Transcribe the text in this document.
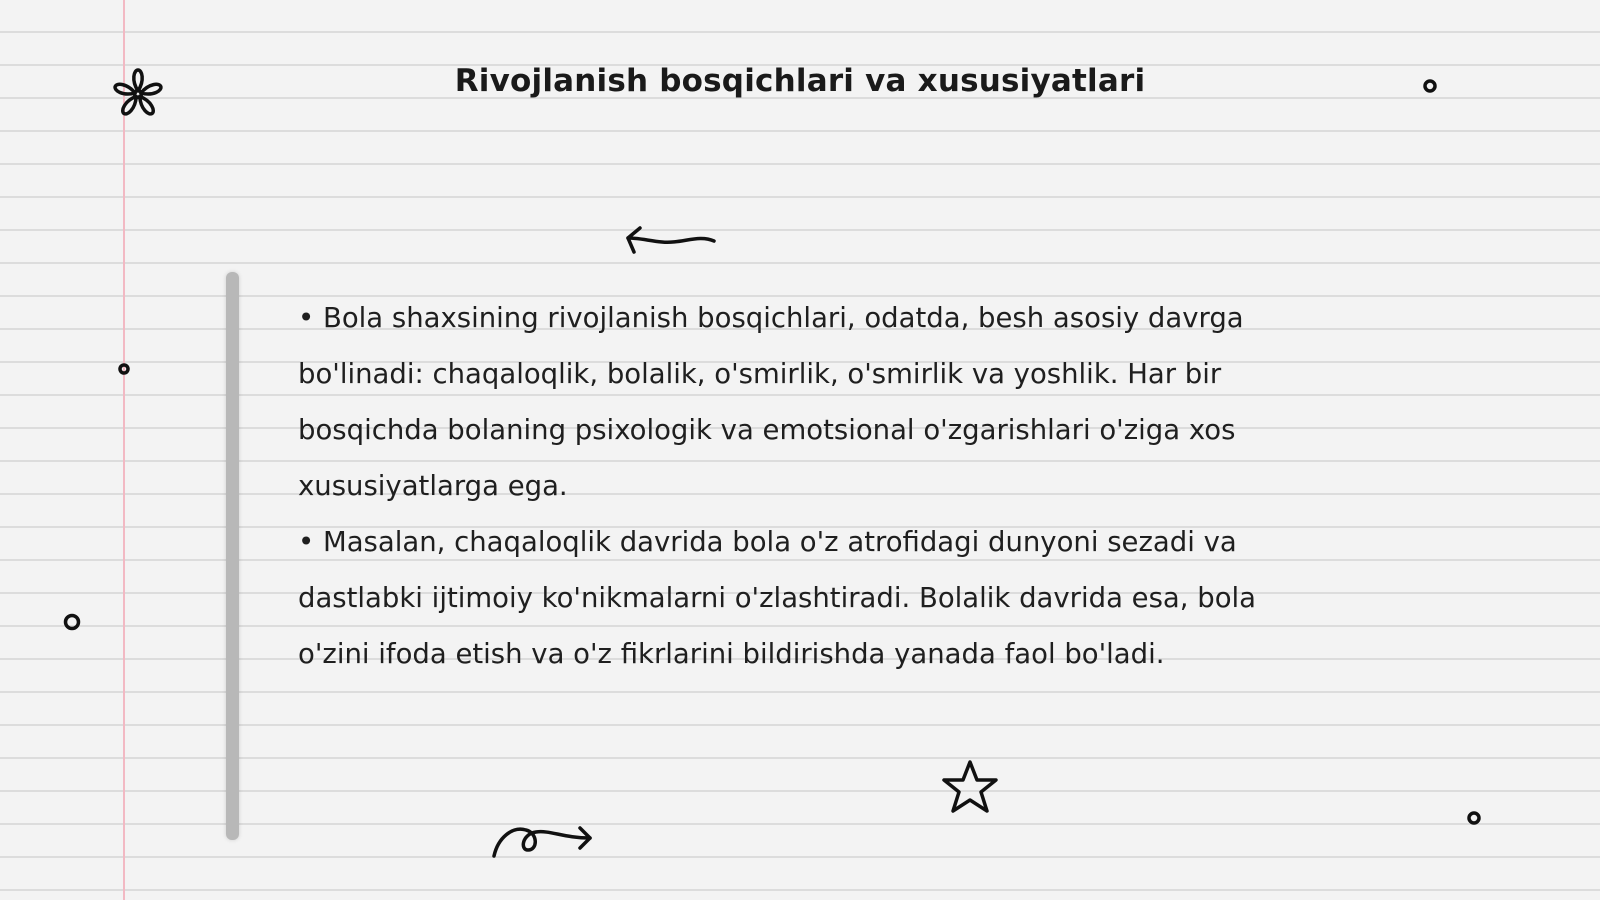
Rivojlanish bosqichlari va xususiyatlari

• Bola shaxsining rivojlanish bosqichlari, odatda, besh asosiy davrga bo'linadi: chaqaloqlik, bolalik, o'smirlik, o'smirlik va yoshlik. Har bir bosqichda bolaning psixologik va emotsional o'zgarishlari o'ziga xos xususiyatlarga ega.

• Masalan, chaqaloqlik davrida bola o'z atrofidagi dunyoni sezadi va dastlabki ijtimoiy ko'nikmalarni o'zlashtiradi. Bolalik davrida esa, bola o'zini ifoda etish va o'z fikrlarini bildirishda yanada faol bo'ladi.
